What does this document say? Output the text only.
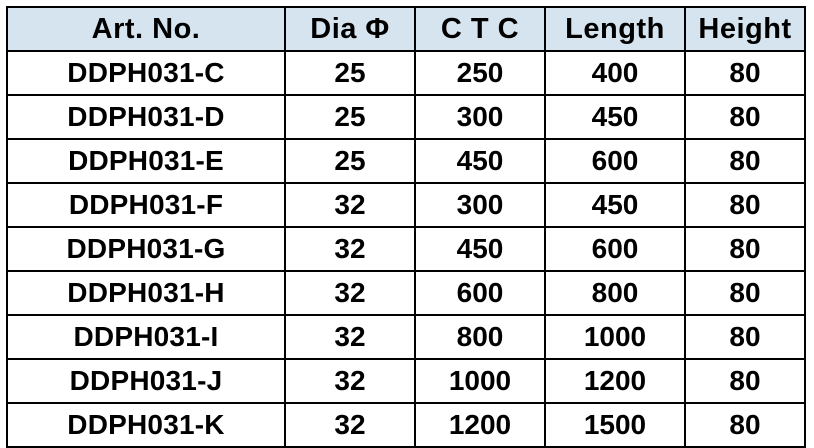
Art. No.	Dia Φ	C T C	Length	Height
DDPH031-C	25	250	400	80
DDPH031-D	25	300	450	80
DDPH031-E	25	450	600	80
DDPH031-F	32	300	450	80
DDPH031-G	32	450	600	80
DDPH031-H	32	600	800	80
DDPH031-I	32	800	1000	80
DDPH031-J	32	1000	1200	80
DDPH031-K	32	1200	1500	80
